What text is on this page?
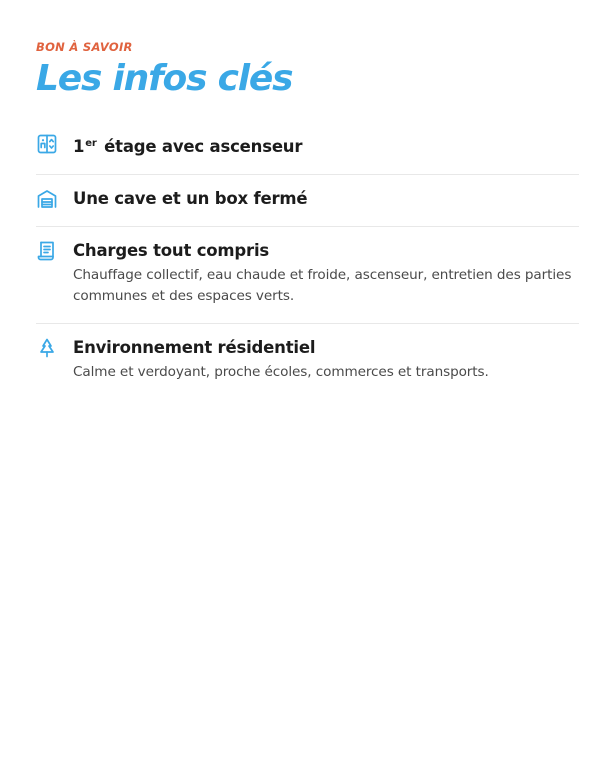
BON À SAVOIR
Les infos clés
1er étage avec ascenseur
Une cave et un box fermé
Charges tout compris
Chauffage collectif, eau chaude et froide, ascenseur, entretien des parties communes et des espaces verts.
Environnement résidentiel
Calme et verdoyant, proche écoles, commerces et transports.
